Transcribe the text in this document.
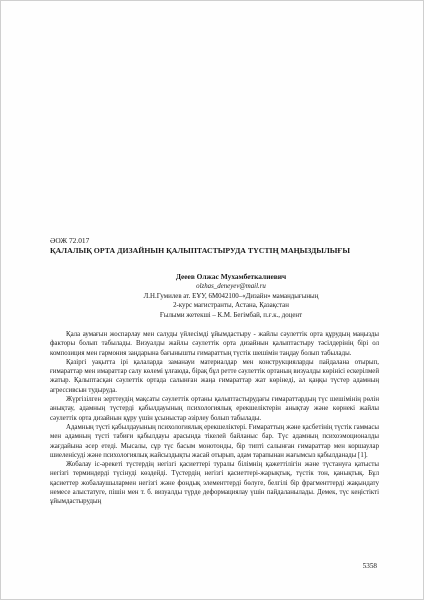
ӘОЖ 72.017
ҚАЛАЛЫҚ ОРТА ДИЗАЙНЫН ҚАЛЫПТАСТЫРУДА ТҮСТІҢ МАҢЫЗДЫЛЫҒЫ
Дееев Олжас Мухамбеткалиевич
olzhas_deneyev@mail.ru
Л.Н.Гумилев ат. ЕҰУ, 6М042100–«Дизайн» мамандығының
2-курс магистранты, Астана, Қазақстан
Ғылыми жетекші – К.М. Бегімбай, п.ғ.к., доцент

Қала аумағын жоспарлау мен салуды үйлесімді ұйымдастыру - жайлы сәулеттік орта құрудың маңызды факторы болып табылады. Визуалды жайлы сәулеттік орта дизайнын қалыптастыру тәсілдерінің бірі ол композиция мен гармония заңдарына бағынышты ғимараттың түстік шешімін таңдау болып табылады.

Қазіргі уақытта ірі қалаларда заманауи материалдар мен конструкцияларды пайдалана отырып, ғимараттар мен имараттар салу көлемі ұлғаюда, бірақ бұл ретте сәулеттік ортаның визуалды көрінісі ескерілмей жатыр. Қалыптасқан сәулеттік ортада салынған жаңа ғимараттар жат көрінеді, ал қаңқы түстер адамның агрессивсын тудыруда.

Жүргізілген зерттеудің мақсаты сәулеттік ортаны қалыптастырудағы ғимараттардың түс шешімінің рөлін анықтау, адамның түстерді қабылдауының психологиялық ерекшеліктерін анықтау және көрнекі жайлы сәулеттік орта дизайнын құру үшін ұсыныстар әзірлеу болып табылады.

Адамның түсті қабылдауының психологиялық ерекшеліктері. Ғимараттың және қасбетінің түстік гаммасы мен адамның түсті табиғи қабылдауы арасында тікелей байланыс бар. Түс адамның психоэмоционалды жағдайына әсер етеді. Мысалы, сұр түс басым монотонды, бір типті салынған ғимараттар мен коршаулар шиеленісуді және психологиялық жайсыздықты жасай отырып, адам тарапынан жағымсыз қабылданады [1].

Жобалау іс-әрекеті түстердің негізгі қасиеттері туралы білімнің қажеттілігін және түстануға қатысты негізгі терминдерді түсінуді көздейді. Түстердің негізгі қасиеттері-жарықтық, түстік тон, қанықтық. Бұл қасиеттер жобалаушылармен негізгі және фондық элементтерді бөлуге, белгілі бір фрагменттерді жақындату немесе алыстатуге, пішін мен т. б. визуалды түрде деформациялау үшін пайдаланылады. Демек, түс кеңістікті ұйымдастырудың

5358
